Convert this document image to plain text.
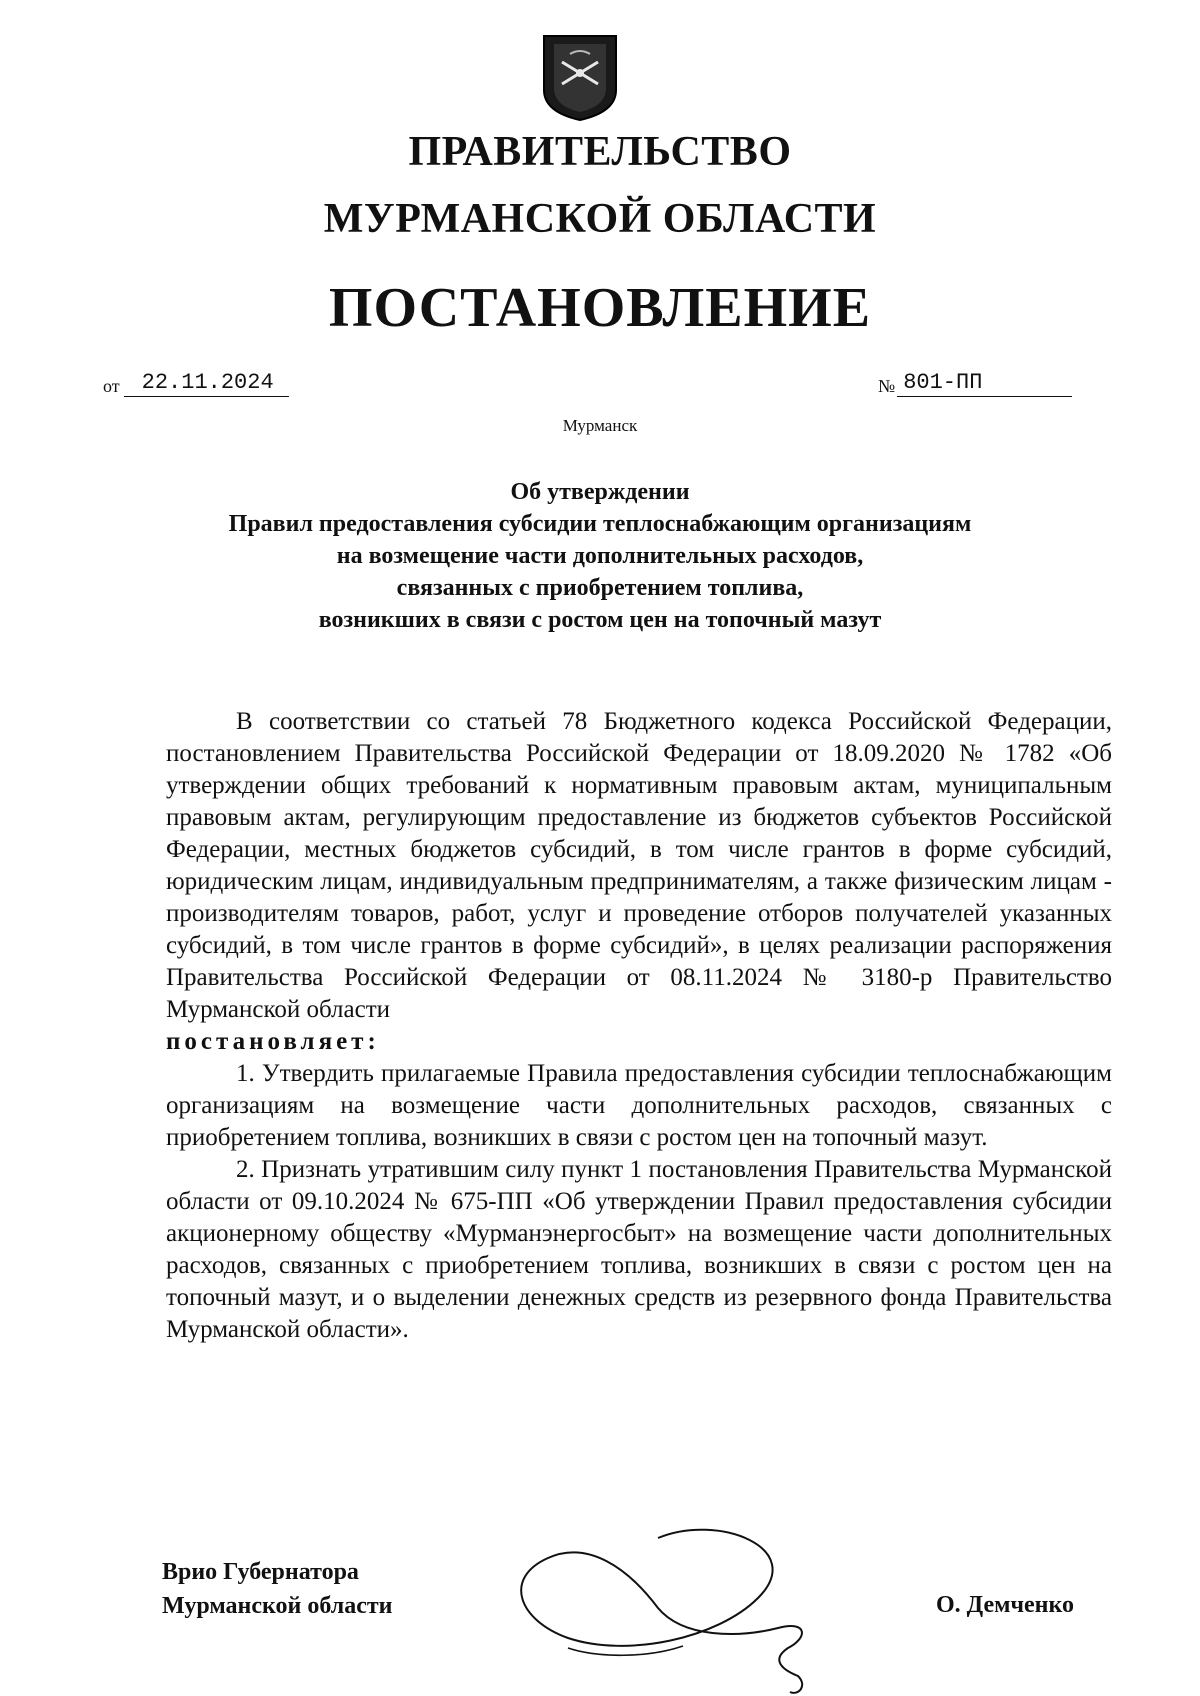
ПРАВИТЕЛЬСТВО
МУРМАНСКОЙ ОБЛАСТИ
ПОСТАНОВЛЕНИЕ
от 22.11.2024	№ 801-ПП
Мурманск
Об утверждении
Правил предоставления субсидии теплоснабжающим организациям
на возмещение части дополнительных расходов,
связанных с приобретением топлива,
возникших в связи с ростом цен на топочный мазут

В соответствии со статьей 78 Бюджетного кодекса Российской Федерации, постановлением Правительства Российской Федерации от 18.09.2020 № 1782 «Об утверждении общих требований к нормативным правовым актам, муниципальным правовым актам, регулирующим предоставление из бюджетов субъектов Российской Федерации, местных бюджетов субсидий, в том числе грантов в форме субсидий, юридическим лицам, индивидуальным предпринимателям, а также физическим лицам - производителям товаров, работ, услуг и проведение отборов получателей указанных субсидий, в том числе грантов в форме субсидий», в целях реализации распоряжения Правительства Российской Федерации от 08.11.2024 № 3180-р Правительство Мурманской области

постановляет:

1. Утвердить прилагаемые Правила предоставления субсидии теплоснабжающим организациям на возмещение части дополнительных расходов, связанных с приобретением топлива, возникших в связи с ростом цен на топочный мазут.

2. Признать утратившим силу пункт 1 постановления Правительства Мурманской области от 09.10.2024 № 675-ПП «Об утверждении Правил предоставления субсидии акционерному обществу «Мурманэнергосбыт» на возмещение части дополнительных расходов, связанных с приобретением топлива, возникших в связи с ростом цен на топочный мазут, и о выделении денежных средств из резервного фонда Правительства Мурманской области».

Врио Губернатора
Мурманской области	О. Демченко
